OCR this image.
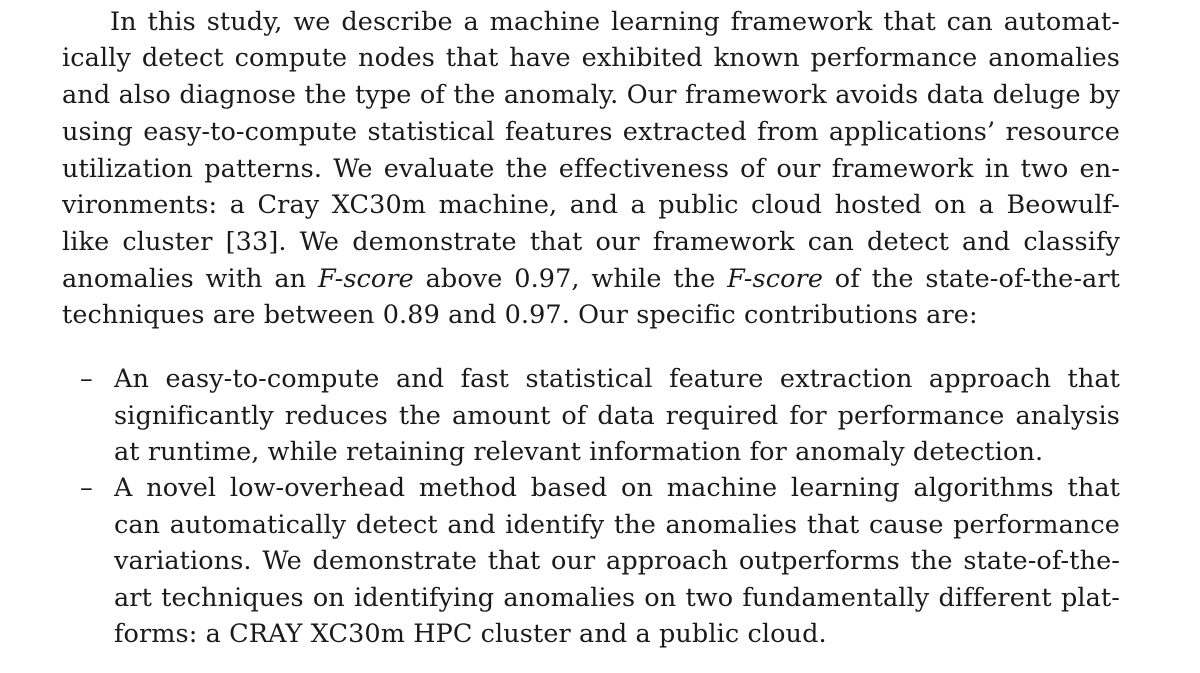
In this study, we describe a machine learning framework that can automat-
ically detect compute nodes that have exhibited known performance anomalies
and also diagnose the type of the anomaly. Our framework avoids data deluge by
using easy-to-compute statistical features extracted from applications’ resource
utilization patterns. We evaluate the effectiveness of our framework in two en-
vironments: a Cray XC30m machine, and a public cloud hosted on a Beowulf-
like cluster [33]. We demonstrate that our framework can detect and classify
anomalies with an F-score above 0.97, while the F-score of the state-of-the-art
techniques are between 0.89 and 0.97. Our specific contributions are:
– An easy-to-compute and fast statistical feature extraction approach that
significantly reduces the amount of data required for performance analysis
at runtime, while retaining relevant information for anomaly detection.
– A novel low-overhead method based on machine learning algorithms that
can automatically detect and identify the anomalies that cause performance
variations. We demonstrate that our approach outperforms the state-of-the-
art techniques on identifying anomalies on two fundamentally different plat-
forms: a CRAY XC30m HPC cluster and a public cloud.
